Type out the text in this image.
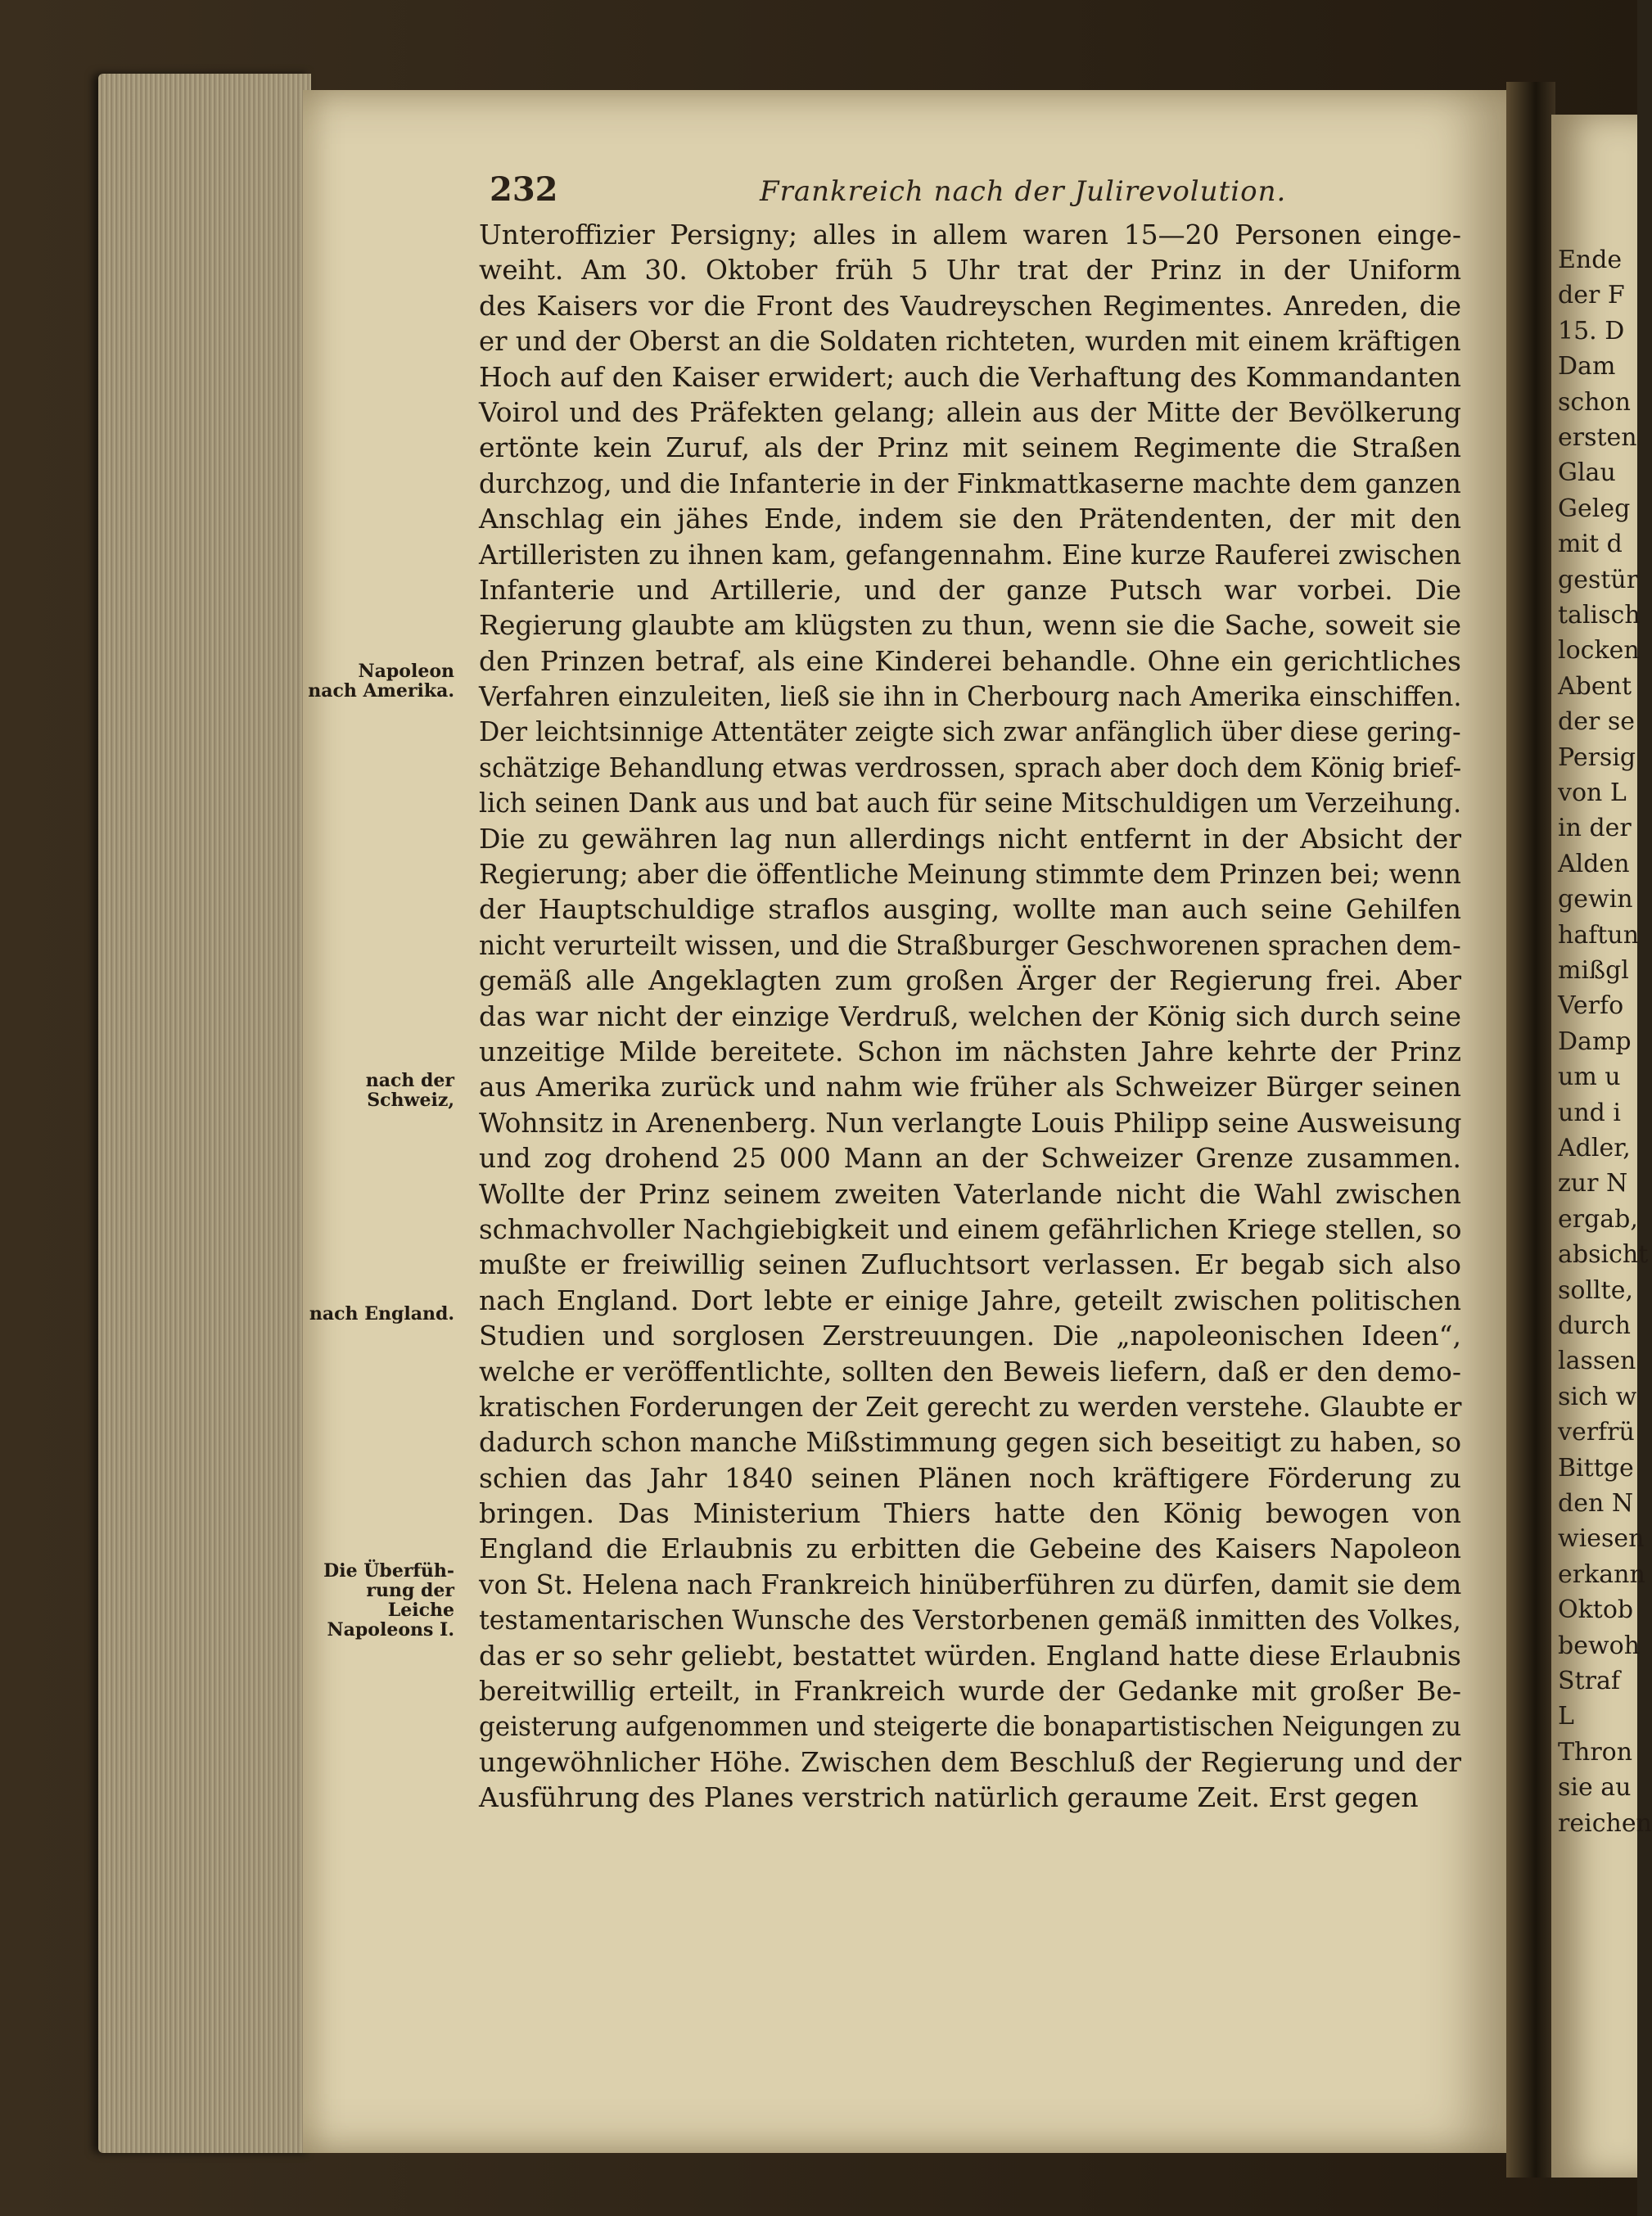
Ende
der F
15. D
Dam
schon
ersten
Glau
Geleg
mit d
gestür
talisch
locken
Abent
der se
Persig
von L
in der
Alden
gewin
haftun
mißgl
Verfo
Damp
um u
und i
Adler,
zur N
ergab,
absicht
sollte,
durch
lassen
sich w
verfrü
Bittge
den N
wiesen
erkann
Oktob
bewoh
Straf
L
Thron
sie au
reichen
232	Frankreich nach der Julirevolution.
Napoleon
nach Amerika.
nach der
Schweiz,
nach England.
Die Überfüh-
rung der Leiche
Napoleons I.
Unteroffizier Persigny; alles in allem waren 15—20 Personen einge-
weiht. Am 30. Oktober früh 5 Uhr trat der Prinz in der Uniform
des Kaisers vor die Front des Vaudreyschen Regimentes. Anreden, die
er und der Oberst an die Soldaten richteten, wurden mit einem kräftigen
Hoch auf den Kaiser erwidert; auch die Verhaftung des Kommandanten
Voirol und des Präfekten gelang; allein aus der Mitte der Bevölkerung
ertönte kein Zuruf, als der Prinz mit seinem Regimente die Straßen
durchzog, und die Infanterie in der Finkmattkaserne machte dem ganzen
Anschlag ein jähes Ende, indem sie den Prätendenten, der mit den
Artilleristen zu ihnen kam, gefangennahm. Eine kurze Rauferei zwischen
Infanterie und Artillerie, und der ganze Putsch war vorbei. Die
Regierung glaubte am klügsten zu thun, wenn sie die Sache, soweit sie
den Prinzen betraf, als eine Kinderei behandle. Ohne ein gerichtliches
Verfahren einzuleiten, ließ sie ihn in Cherbourg nach Amerika einschiffen.
Der leichtsinnige Attentäter zeigte sich zwar anfänglich über diese gering-
schätzige Behandlung etwas verdrossen, sprach aber doch dem König brief-
lich seinen Dank aus und bat auch für seine Mitschuldigen um Verzeihung.
Die zu gewähren lag nun allerdings nicht entfernt in der Absicht der
Regierung; aber die öffentliche Meinung stimmte dem Prinzen bei; wenn
der Hauptschuldige straflos ausging, wollte man auch seine Gehilfen
nicht verurteilt wissen, und die Straßburger Geschworenen sprachen dem-
gemäß alle Angeklagten zum großen Ärger der Regierung frei. Aber
das war nicht der einzige Verdruß, welchen der König sich durch seine
unzeitige Milde bereitete. Schon im nächsten Jahre kehrte der Prinz
aus Amerika zurück und nahm wie früher als Schweizer Bürger seinen
Wohnsitz in Arenenberg. Nun verlangte Louis Philipp seine Ausweisung
und zog drohend 25 000 Mann an der Schweizer Grenze zusammen.
Wollte der Prinz seinem zweiten Vaterlande nicht die Wahl zwischen
schmachvoller Nachgiebigkeit und einem gefährlichen Kriege stellen, so
mußte er freiwillig seinen Zufluchtsort verlassen. Er begab sich also
nach England. Dort lebte er einige Jahre, geteilt zwischen politischen
Studien und sorglosen Zerstreuungen. Die „napoleonischen Ideen“,
welche er veröffentlichte, sollten den Beweis liefern, daß er den demo-
kratischen Forderungen der Zeit gerecht zu werden verstehe. Glaubte er
dadurch schon manche Mißstimmung gegen sich beseitigt zu haben, so
schien das Jahr 1840 seinen Plänen noch kräftigere Förderung zu
bringen. Das Ministerium Thiers hatte den König bewogen von
England die Erlaubnis zu erbitten die Gebeine des Kaisers Napoleon
von St. Helena nach Frankreich hinüberführen zu dürfen, damit sie dem
testamentarischen Wunsche des Verstorbenen gemäß inmitten des Volkes,
das er so sehr geliebt, bestattet würden. England hatte diese Erlaubnis
bereitwillig erteilt, in Frankreich wurde der Gedanke mit großer Be-
geisterung aufgenommen und steigerte die bonapartistischen Neigungen zu
ungewöhnlicher Höhe. Zwischen dem Beschluß der Regierung und der
Ausführung des Planes verstrich natürlich geraume Zeit. Erst gegen
